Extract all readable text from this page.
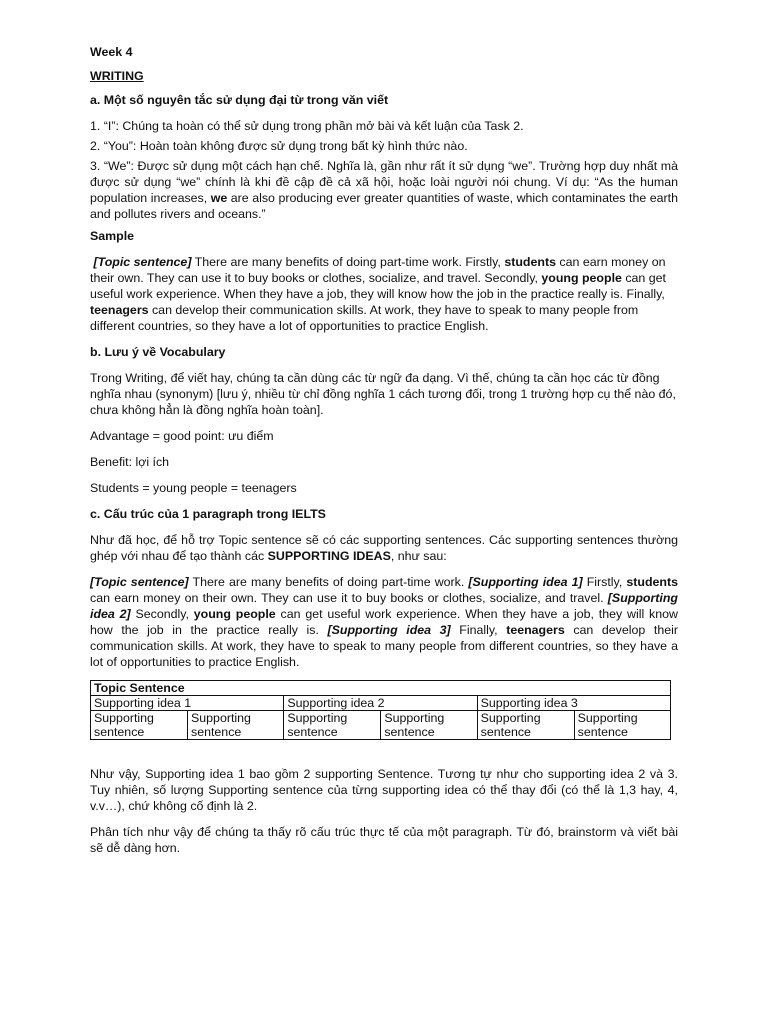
Week 4

WRITING

a. Một số nguyên tắc sử dụng đại từ trong văn viết

1. “I”: Chúng ta hoàn có thể sử dụng trong phần mở bài và kết luận của Task 2.

2. “You”: Hoàn toàn không được sử dụng trong bất kỳ hình thức nào.

3. “We”: Được sử dụng một cách hạn chế. Nghĩa là, gần như rất ít sử dụng “we”. Trường hợp duy nhất mà được sử dụng “we” chính là khi đề cập đề cả xã hội, hoặc loài người nói chung. Ví dụ: “As the human population increases, we are also producing ever greater quantities of waste, which contaminates the earth and pollutes rivers and oceans.”

Sample

[Topic sentence] There are many benefits of doing part-time work. Firstly, students can earn money on their own. They can use it to buy books or clothes, socialize, and travel. Secondly, young people can get useful work experience. When they have a job, they will know how the job in the practice really is. Finally, teenagers can develop their communication skills. At work, they have to speak to many people from different countries, so they have a lot of opportunities to practice English.

b. Lưu ý về Vocabulary

Trong Writing, để viết hay, chúng ta cần dùng các từ ngữ đa dạng. Vì thế, chúng ta cần học các từ đồng nghĩa nhau (synonym) [lưu ý, nhiều từ chỉ đồng nghĩa 1 cách tương đối, trong 1 trường hợp cụ thể nào đó, chưa không hẳn là đồng nghĩa hoàn toàn].

Advantage = good point: ưu điểm

Benefit: lợi ích

Students = young people = teenagers

c. Cấu trúc của 1 paragraph trong IELTS

Như đã học, để hỗ trợ Topic sentence sẽ có các supporting sentences. Các supporting sentences thường ghép với nhau để tạo thành các SUPPORTING IDEAS, như sau:

[Topic sentence] There are many benefits of doing part-time work. [Supporting idea 1] Firstly, students can earn money on their own. They can use it to buy books or clothes, socialize, and travel. [Supporting idea 2] Secondly, young people can get useful work experience. When they have a job, they will know how the job in the practice really is. [Supporting idea 3] Finally, teenagers can develop their communication skills. At work, they have to speak to many people from different countries, so they have a lot of opportunities to practice English.

Topic Sentence					
Supporting idea 1		Supporting idea 2		Supporting idea 3	
Supporting
sentence	Supporting
sentence	Supporting
sentence	Supporting
sentence	Supporting
sentence	Supporting
sentence

Như vậy, Supporting idea 1 bao gồm 2 supporting Sentence. Tương tự như cho supporting idea 2 và 3. Tuy nhiên, số lượng Supporting sentence của từng supporting idea có thể thay đổi (có thể là 1,3 hay, 4, v.v…), chứ không cố định là 2.

Phân tích như vậy để chúng ta thấy rõ cấu trúc thực tế của một paragraph. Từ đó, brainstorm và viết bài sẽ dễ dàng hơn.
